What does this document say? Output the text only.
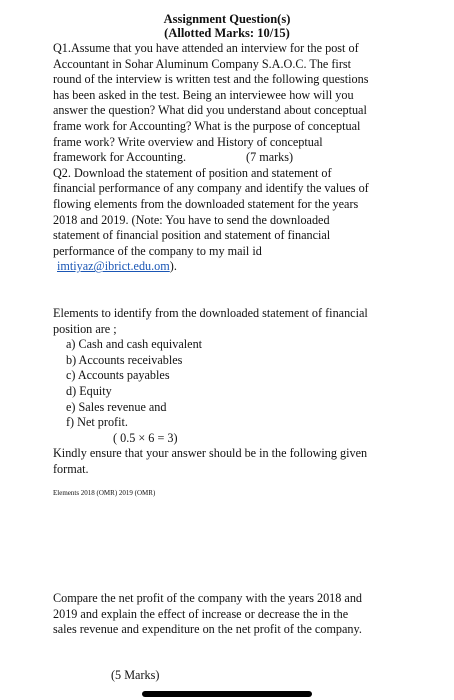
Assignment Question(s)
(Allotted Marks: 10/15)
Q1.Assume that you have attended an interview for the post of
Accountant in Sohar Aluminum Company S.A.O.C. The first
round of the interview is written test and the following questions
has been asked in the test. Being an interviewee how will you
answer the question? What did you understand about conceptual
frame work for Accounting? What is the purpose of conceptual
frame work? Write overview and History of conceptual
framework for Accounting.	(7 marks)
Q2. Download the statement of position and statement of
financial performance of any company and identify the values of
flowing elements from the downloaded statement for the years
2018 and 2019. (Note: You have to send the downloaded
statement of financial position and statement of financial
performance of the company to my mail id
imtiyaz@ibrict.edu.om).
Elements to identify from the downloaded statement of financial
position are ;
a) Cash and cash equivalent
b) Accounts receivables
c) Accounts payables
d) Equity
e) Sales revenue and
f) Net profit.
( 0.5 × 6 = 3)
Kindly ensure that your answer should be in the following given
format.
Elements 2018 (OMR) 2019 (OMR)
Compare the net profit of the company with the years 2018 and
2019 and explain the effect of increase or decrease the in the
sales revenue and expenditure on the net profit of the company.
(5 Marks)
